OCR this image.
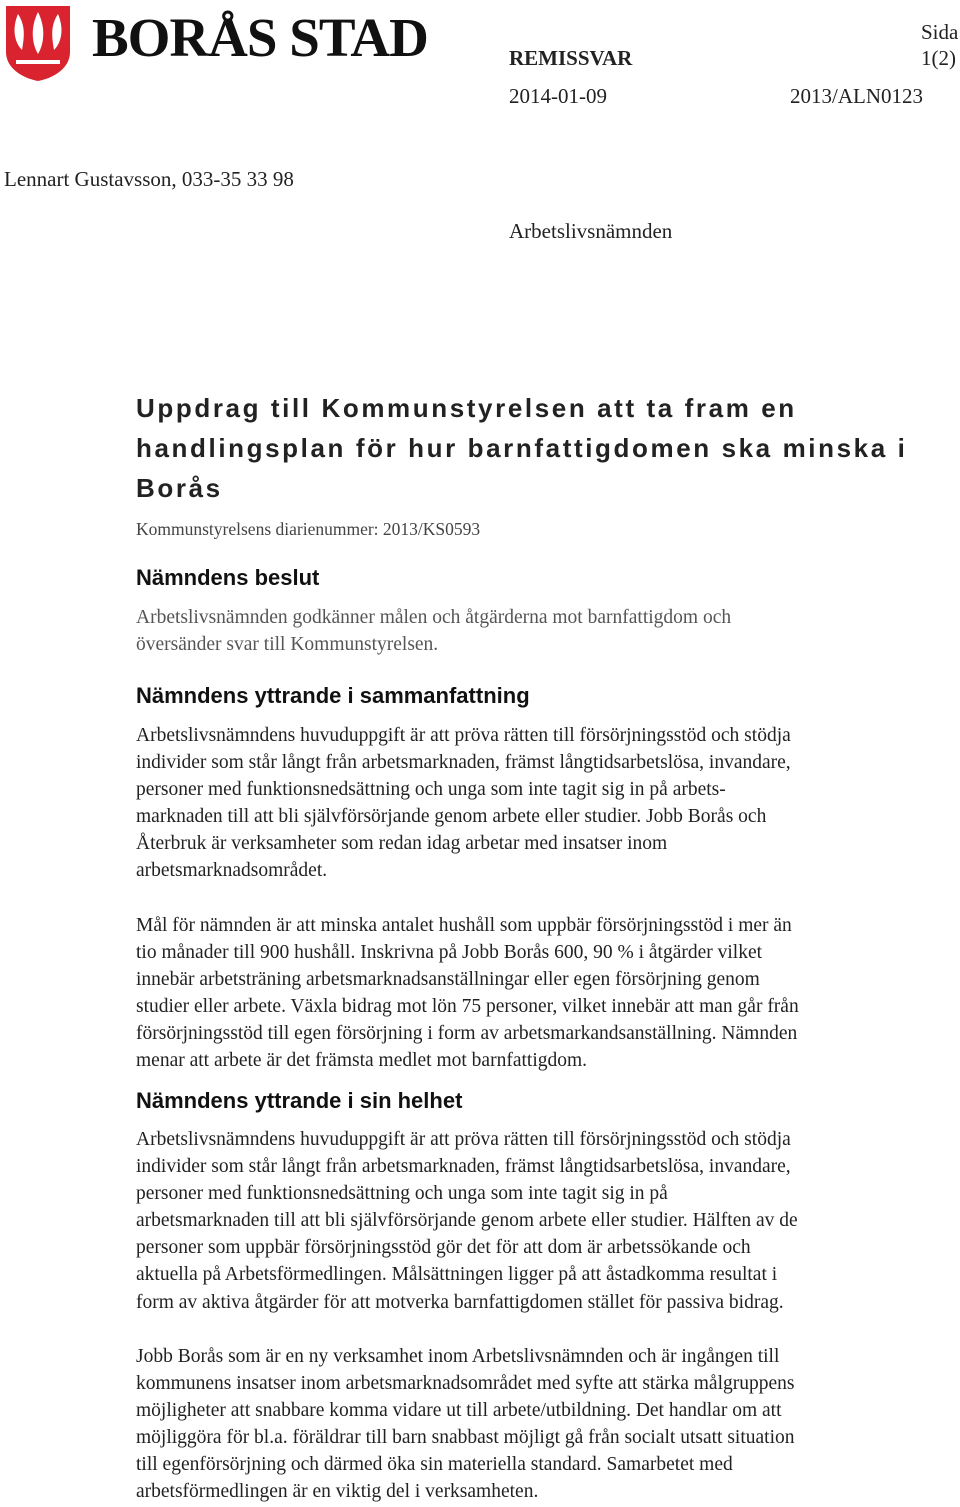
BORÅS STAD	REMISSVAR
Sida
1(2)
2014-01-09	2013/ALN0123
Lennart Gustavsson, 033-35 33 98
Arbetslivsnämnden
Uppdrag till Kommunstyrelsen att ta fram en
handlingsplan för hur barnfattigdomen ska minska i
Borås
Kommunstyrelsens diarienummer: 2013/KS0593
Nämndens beslut
Arbetslivsnämnden godkänner målen och åtgärderna mot barnfattigdom och
översänder svar till Kommunstyrelsen.
Nämndens yttrande i sammanfattning
Arbetslivsnämndens huvuduppgift är att pröva rätten till försörjningsstöd och stödja
individer som står långt från arbetsmarknaden, främst långtidsarbetslösa, invandare,
personer med funktionsnedsättning och unga som inte tagit sig in på arbets-
marknaden till att bli självförsörjande genom arbete eller studier. Jobb Borås och
Återbruk är verksamheter som redan idag arbetar med insatser inom
arbetsmarknadsområdet.
Mål för nämnden är att minska antalet hushåll som uppbär försörjningsstöd i mer än
tio månader till 900 hushåll. Inskrivna på Jobb Borås 600, 90 % i åtgärder vilket
innebär arbetsträning arbetsmarknadsanställningar eller egen försörjning genom
studier eller arbete. Växla bidrag mot lön 75 personer, vilket innebär att man går från
försörjningsstöd till egen försörjning i form av arbetsmarkandsanställning. Nämnden
menar att arbete är det främsta medlet mot barnfattigdom.
Nämndens yttrande i sin helhet
Arbetslivsnämndens huvuduppgift är att pröva rätten till försörjningsstöd och stödja
individer som står långt från arbetsmarknaden, främst långtidsarbetslösa, invandare,
personer med funktionsnedsättning och unga som inte tagit sig in på
arbetsmarknaden till att bli självförsörjande genom arbete eller studier. Hälften av de
personer som uppbär försörjningsstöd gör det för att dom är arbetssökande och
aktuella på Arbetsförmedlingen. Målsättningen ligger på att åstadkomma resultat i
form av aktiva åtgärder för att motverka barnfattigdomen stället för passiva bidrag.
Jobb Borås som är en ny verksamhet inom Arbetslivsnämnden och är ingången till
kommunens insatser inom arbetsmarknadsområdet med syfte att stärka målgruppens
möjligheter att snabbare komma vidare ut till arbete/utbildning. Det handlar om att
möjliggöra för bl.a. föräldrar till barn snabbast möjligt gå från socialt utsatt situation
till egenförsörjning och därmed öka sin materiella standard. Samarbetet med
arbetsförmedlingen är en viktig del i verksamheten.
